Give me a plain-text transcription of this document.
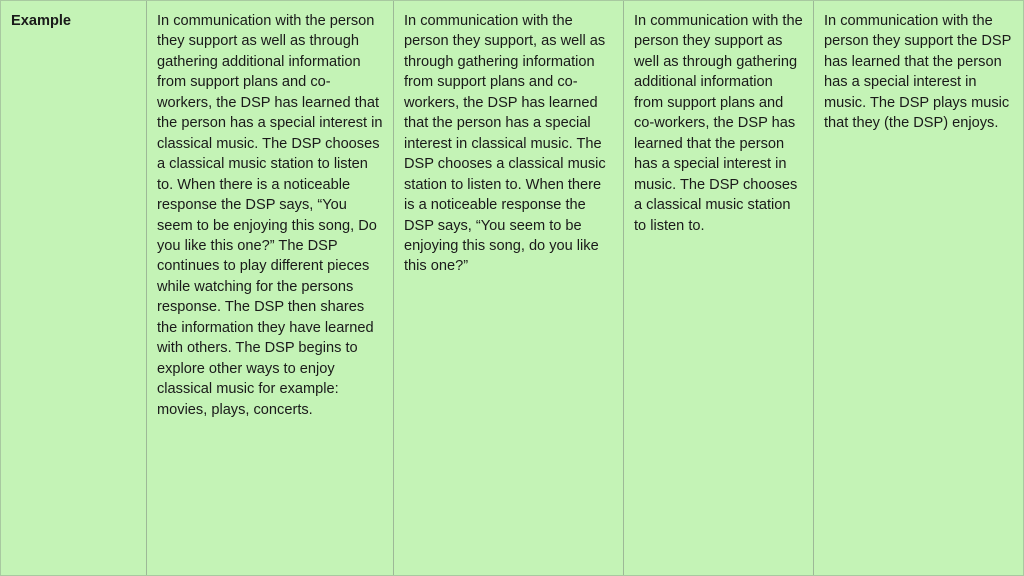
Example	In communication with the person they support as well as through gathering additional information from support plans and co-workers, the DSP has learned that the person has a special interest in classical music. The DSP chooses a classical music station to listen to. When there is a noticeable response the DSP says, “You seem to be enjoying this song, Do you like this one?” The DSP continues to play different pieces while watching for the persons response. The DSP then shares the information they have learned with others. The DSP begins to explore other ways to enjoy classical music for example: movies, plays, concerts.
In communication with the person they support, as well as through gathering information from support plans and co-workers, the DSP has learned that the person has a special interest in classical music. The DSP chooses a classical music station to listen to. When there is a noticeable response the DSP says, “You seem to be enjoying this song, do you like this one?”
In communication with the person they support as well as through gathering additional information from support plans and co-workers, the DSP has learned that the person has a special interest in music. The DSP chooses a classical music station to listen to.
In communication with the person they support the DSP has learned that the person has a special interest in music. The DSP plays music that they (the DSP) enjoys.
